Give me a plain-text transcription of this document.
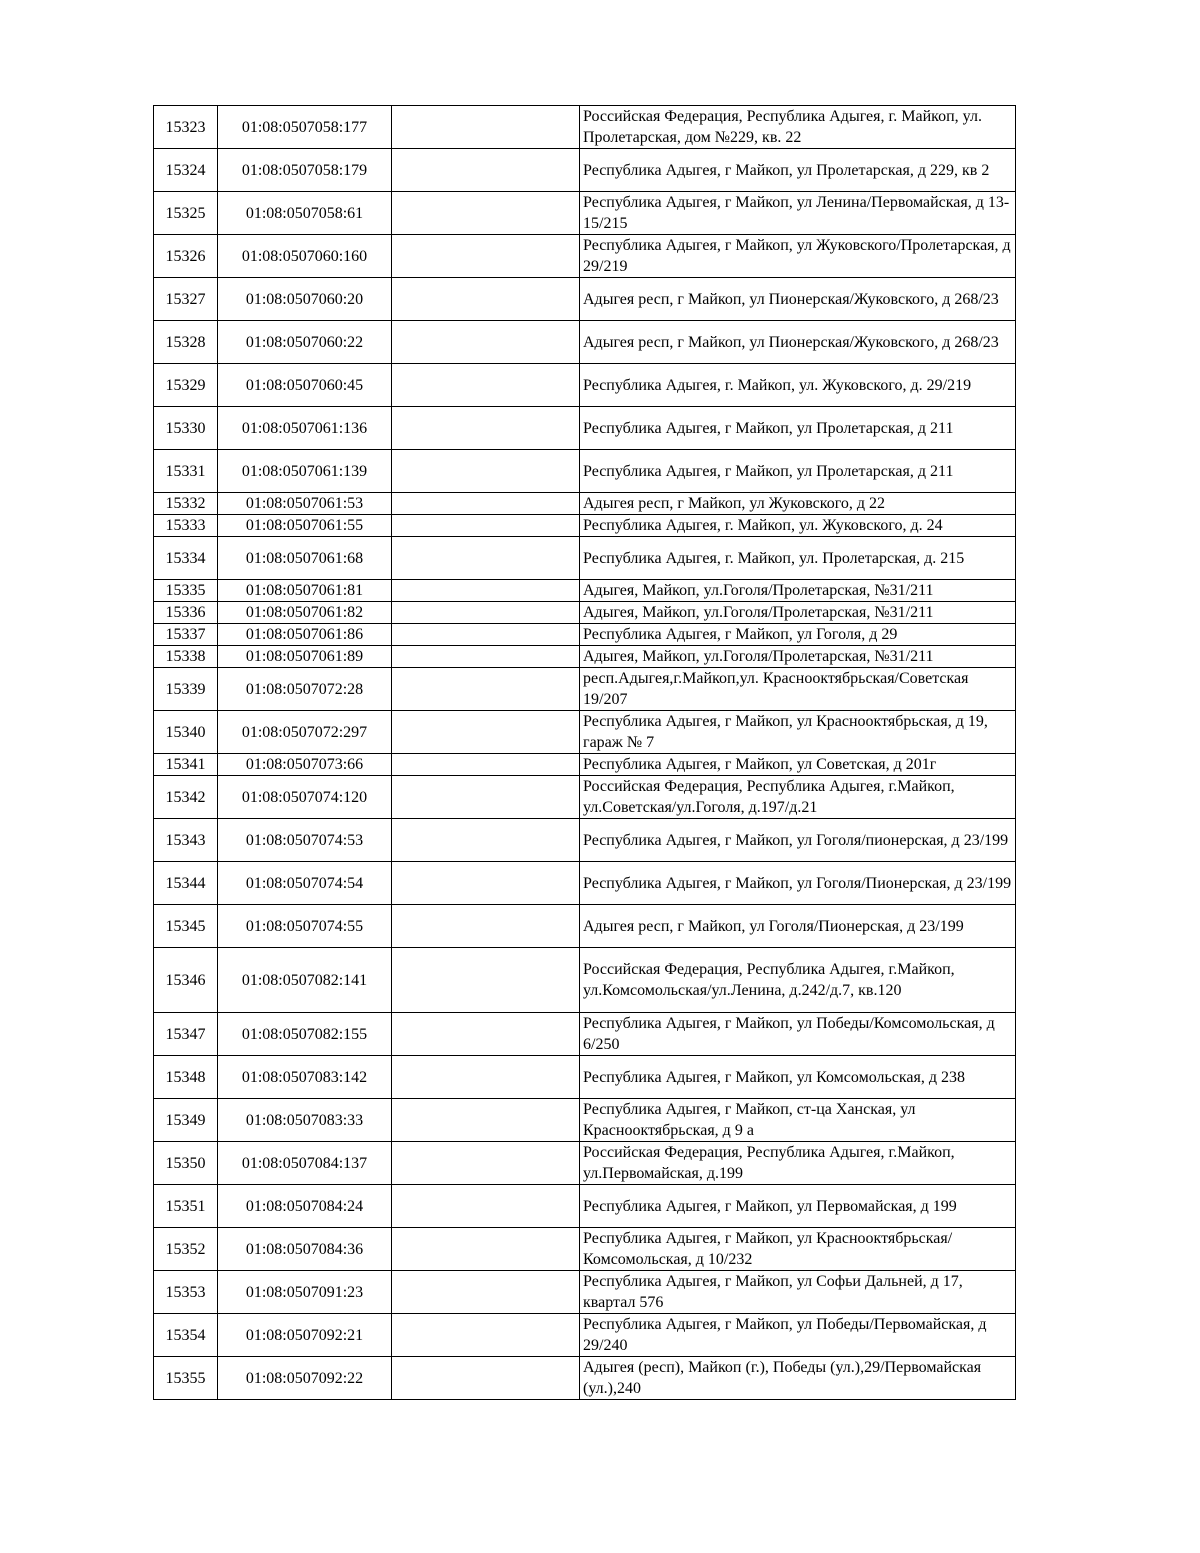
15323	01:08:0507058:177		Российская Федерация, Республика Адыгея, г. Майкоп, ул. Пролетарская, дом №229, кв. 22
15324	01:08:0507058:179		Республика Адыгея, г Майкоп, ул Пролетарская, д 229, кв 2
15325	01:08:0507058:61		Республика Адыгея, г Майкоп, ул Ленина/Первомайская, д 13-15/215
15326	01:08:0507060:160		Республика Адыгея, г Майкоп, ул Жуковского/Пролетарская, д 29/219
15327	01:08:0507060:20		Адыгея респ, г Майкоп, ул Пионерская/Жуковского, д 268/23
15328	01:08:0507060:22		Адыгея респ, г Майкоп, ул Пионерская/Жуковского, д 268/23
15329	01:08:0507060:45		Республика Адыгея, г. Майкоп, ул. Жуковского, д. 29/219
15330	01:08:0507061:136		Республика Адыгея, г Майкоп, ул Пролетарская, д 211
15331	01:08:0507061:139		Республика Адыгея, г Майкоп, ул Пролетарская, д 211
15332	01:08:0507061:53		Адыгея респ, г Майкоп, ул Жуковского, д 22
15333	01:08:0507061:55		Республика Адыгея, г. Майкоп, ул. Жуковского, д. 24
15334	01:08:0507061:68		Республика Адыгея, г. Майкоп, ул. Пролетарская, д. 215
15335	01:08:0507061:81		Адыгея, Майкоп, ул.Гоголя/Пролетарская, №31/211
15336	01:08:0507061:82		Адыгея, Майкоп, ул.Гоголя/Пролетарская, №31/211
15337	01:08:0507061:86		Республика Адыгея, г Майкоп, ул Гоголя, д 29
15338	01:08:0507061:89		Адыгея, Майкоп, ул.Гоголя/Пролетарская, №31/211
15339	01:08:0507072:28		респ.Адыгея,г.Майкоп,ул. Краснооктябрьская/Советская 19/207
15340	01:08:0507072:297		Республика Адыгея, г Майкоп, ул Краснооктябрьская, д 19, гараж № 7
15341	01:08:0507073:66		Республика Адыгея, г Майкоп, ул Советская, д 201г
15342	01:08:0507074:120		Российская Федерация, Республика Адыгея, г.Майкоп, ул.Советская/ул.Гоголя, д.197/д.21
15343	01:08:0507074:53		Республика Адыгея, г Майкоп, ул Гоголя/пионерская, д 23/199
15344	01:08:0507074:54		Республика Адыгея, г Майкоп, ул Гоголя/Пионерская, д 23/199
15345	01:08:0507074:55		Адыгея респ, г Майкоп, ул Гоголя/Пионерская, д 23/199
15346	01:08:0507082:141		Российская Федерация, Республика Адыгея, г.Майкоп, ул.Комсомольская/ул.Ленина, д.242/д.7, кв.120
15347	01:08:0507082:155		Республика Адыгея, г Майкоп, ул Победы/Комсомольская, д 6/250
15348	01:08:0507083:142		Республика Адыгея, г Майкоп, ул Комсомольская, д 238
15349	01:08:0507083:33		Республика Адыгея, г Майкоп, ст-ца Ханская, ул Краснооктябрьская, д 9 а
15350	01:08:0507084:137		Российская Федерация, Республика Адыгея, г.Майкоп, ул.Первомайская, д.199
15351	01:08:0507084:24		Республика Адыгея, г Майкоп, ул Первомайская, д 199
15352	01:08:0507084:36		Республика Адыгея, г Майкоп, ул Краснооктябрьская/Комсомольская, д 10/232
15353	01:08:0507091:23		Республика Адыгея, г Майкоп, ул Софьи Дальней, д 17, квартал 576
15354	01:08:0507092:21		Республика Адыгея, г Майкоп, ул Победы/Первомайская, д 29/240
15355	01:08:0507092:22		Адыгея (респ), Майкоп (г.), Победы (ул.),29/Первомайская (ул.),240
